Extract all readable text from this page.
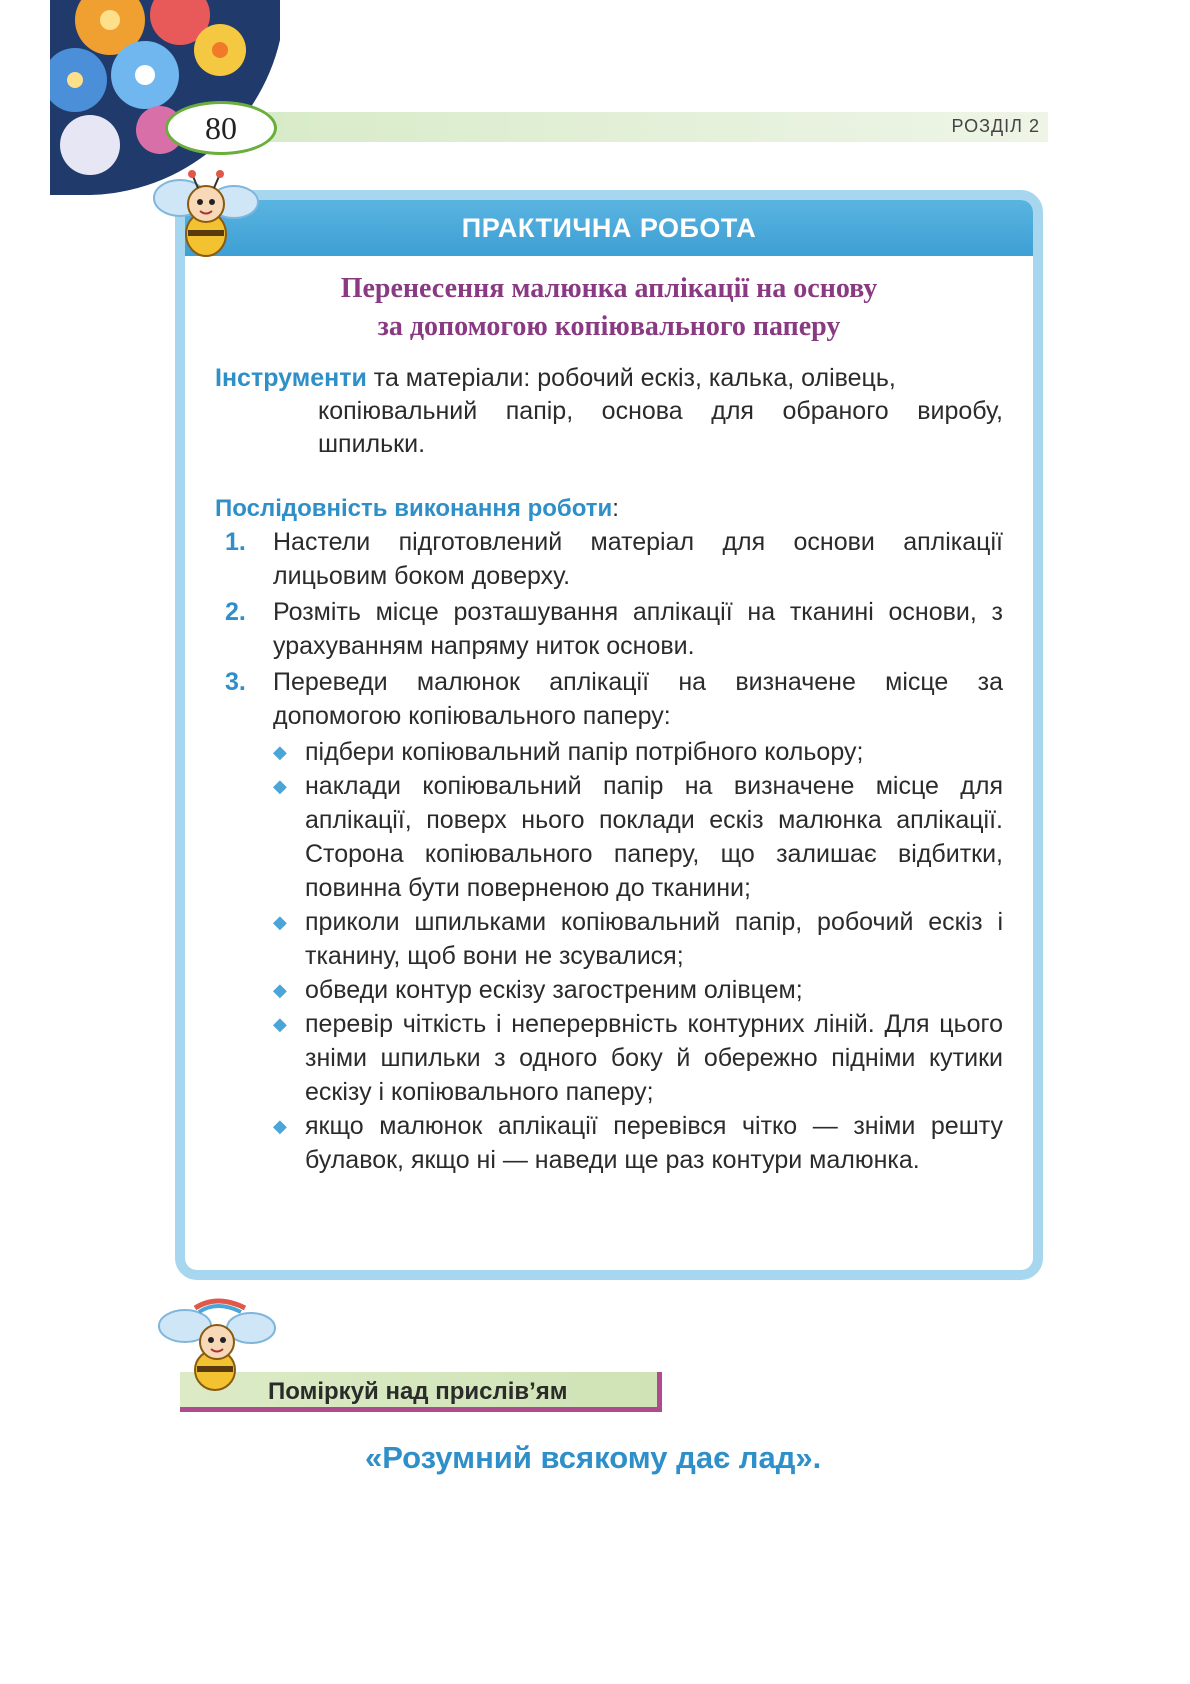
80	РОЗДІЛ 2
ПРАКТИЧНА РОБОТА
Перенесення малюнка аплікації на основу
за допомогою копіювального паперу
Інструменти та матеріали: робочий ескіз, калька, олівець,
копіювальний папір, основа для обраного виробу, шпильки.
Послідовність виконання роботи:
1.	Настели підготовлений матеріал для основи аплікації лицьовим боком доверху.
2.	Розміть місце розташування аплікації на тканині основи, з урахуванням напряму ниток основи.
3.	Переведи малюнок аплікації на визначене місце за допомогою копіювального паперу:
◆ підбери копіювальний папір потрібного кольору;
◆ наклади копіювальний папір на визначене місце для аплікації, поверх нього поклади ескіз малюнка аплікації. Сторона копіювального паперу, що залишає відбитки, повинна бути поверненою до тканини;
◆ приколи шпильками копіювальний папір, робочий ескіз і тканину, щоб вони не зсувалися;
◆ обведи контур ескізу загостреним олівцем;
◆ перевір чіткість і неперервність контурних ліній. Для цього зніми шпильки з одного боку й обережно підніми кутики ескізу і копіювального паперу;
◆ якщо малюнок аплікації перевівся чітко — зніми решту булавок, якщо ні — наведи ще раз контури малюнка.
Поміркуй над прислів’ям
«Розумний всякому дає лад».
